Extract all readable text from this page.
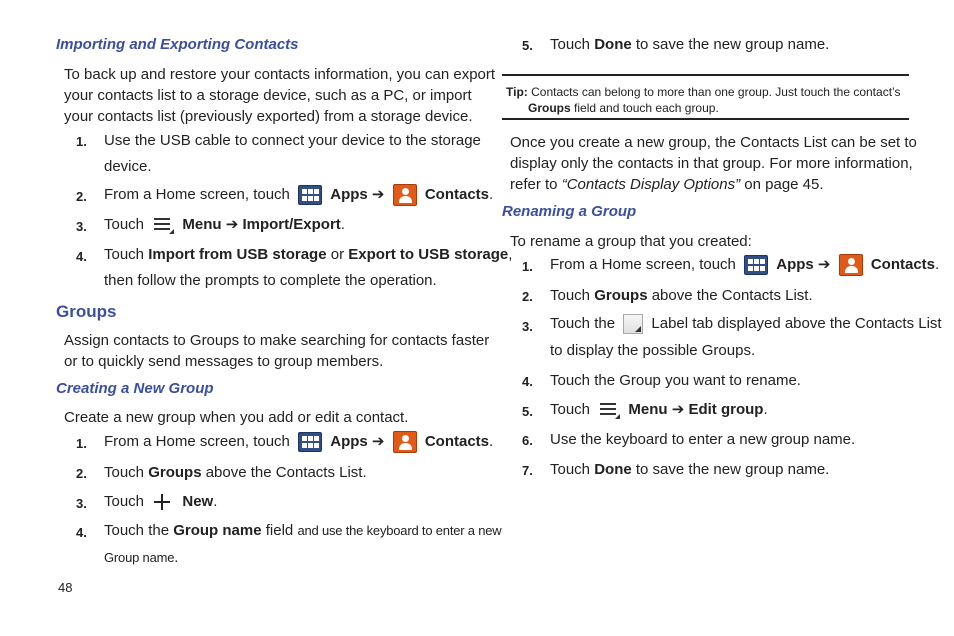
Importing and Exporting Contacts
To back up and restore your contacts information, you can export
your contacts list to a storage device, such as a PC, or import
your contacts list (previously exported) from a storage device.
1. Use the USB cable to connect your device to the storage
device.
2. From a Home screen, touch	Apps ➔	Contacts.
3. Touch	Menu ➔ Import/Export.
4. Touch Import from USB storage or Export to USB storage,
then follow the prompts to complete the operation.
Groups
Assign contacts to Groups to make searching for contacts faster
or to quickly send messages to group members.
Creating a New Group
Create a new group when you add or edit a contact.
1. From a Home screen, touch	Apps ➔	Contacts.
2. Touch Groups above the Contacts List.
3. Touch	New.
4. Touch the Group name field and use the keyboard to enter a new
Group name.
48
5. Touch Done to save the new group name.
Tip: Contacts can belong to more than one group. Just touch the contact’s
Groups field and touch each group.
Once you create a new group, the Contacts List can be set to
display only the contacts in that group. For more information,
refer to “Contacts Display Options” on page 45.
Renaming a Group
To rename a group that you created:
1. From a Home screen, touch	Apps ➔	Contacts.
2. Touch Groups above the Contacts List.
3. Touch the Label tab displayed above the Contacts List
to display the possible Groups.
4. Touch the Group you want to rename.
5. Touch	Menu ➔ Edit group.
6. Use the keyboard to enter a new group name.
7. Touch Done to save the new group name.
